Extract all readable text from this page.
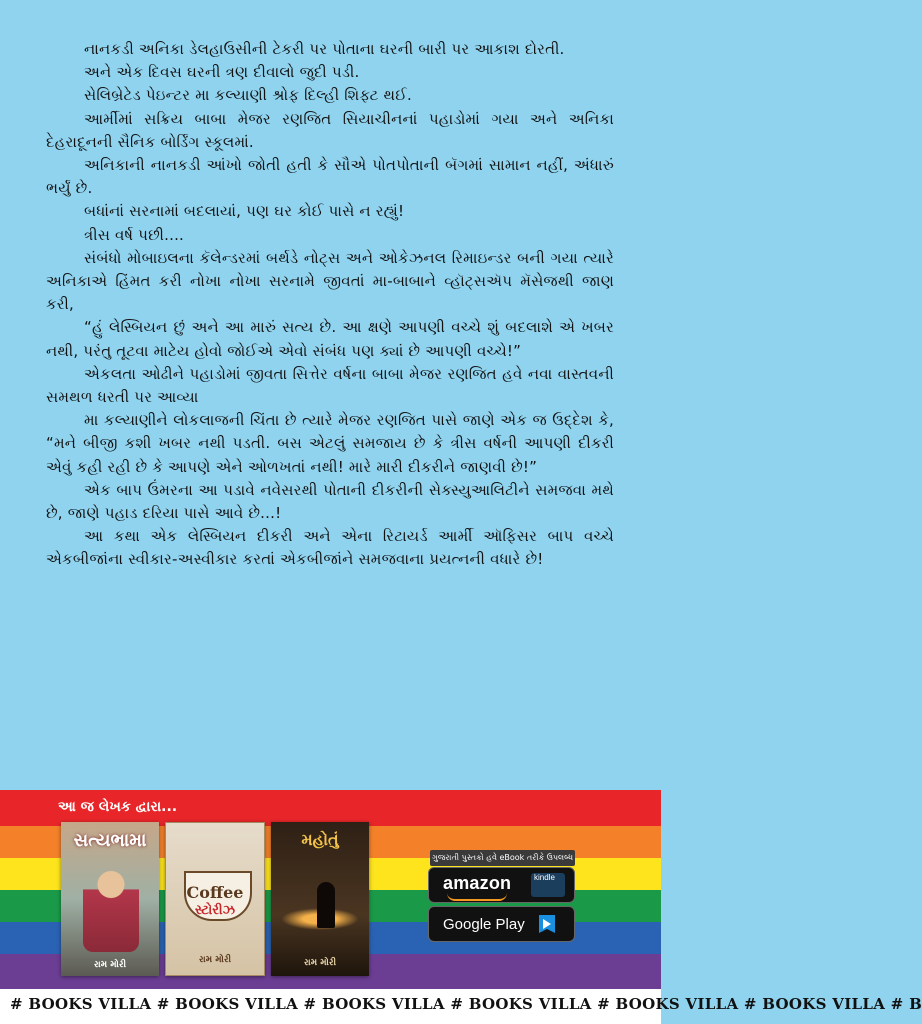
નાનકડી અનિકા ડેલહાઉસીની ટેકરી પર પોતાના ઘરની બારી પર આકાશ દોરતી.

અને એક દિવસ ઘરની ત્રણ દીવાલો જુદી પડી.

સેલિબ્રેટેડ પેઇન્ટર મા કલ્યાણી શ્રોફ દિલ્હી શિફ્ટ થઈ.

આર્મીમાં સક્રિય બાબા મેજર રણજિત સિયાચીનનાં પહાડોમાં ગયા અને અનિકા દેહરાદૂનની સૈનિક બોર્ડિંગ સ્કૂલમાં.

અનિકાની નાનકડી આંખો જોતી હતી કે સૌએ પોતપોતાની બૅગમાં સામાન નહીં, અંધારું ભર્યું છે.

બધાંનાં સરનામાં બદલાયાં, પણ ઘર કોઈ પાસે ન રહ્યું!

ત્રીસ વર્ષ પછી....

સંબંધો મોબાઇલના કૅલેન્ડરમાં બર્થડે નોટ્સ અને ઓકેઝનલ રિમાઇન્ડર બની ગયા ત્યારે અનિકાએ હિંમત કરી નોખા નોખા સરનામે જીવતાં મા-બાબાને વ્હૉટ્સઍપ મૅસેજથી જાણ કરી,

“હું લેસ્બિયન છું અને આ મારું સત્ય છે. આ ક્ષણે આપણી વચ્ચે શું બદલાશે એ ખબર નથી, પરંતુ તૂટવા માટેય હોવો જોઈએ એવો સંબંધ પણ ક્યાં છે આપણી વચ્ચે!”

એકલતા ઓઢીને પહાડોમાં જીવતા સિત્તેર વર્ષના બાબા મેજર રણજિત હવે નવા વાસ્તવની સમથળ ધરતી પર આવ્યા

મા કલ્યાણીને લોકલાજની ચિંતા છે ત્યારે મેજર રણજિત પાસે જાણે એક જ ઉદ્દેશ કે, “મને બીજી કશી ખબર નથી પડતી. બસ એટલું સમજાય છે કે ત્રીસ વર્ષની આપણી દીકરી એવું કહી રહી છે કે આપણે એને ઓળખતાં નથી! મારે મારી દીકરીને જાણવી છે!”

એક બાપ ઉંમરના આ પડાવે નવેસરથી પોતાની દીકરીની સેક્સ્યુઆલિટીને સમજવા મથે છે, જાણે પહાડ દરિયા પાસે આવે છે...!

આ કથા એક લેસ્બિયન દીકરી અને એના રિટાયર્ડ આર્મી ઑફિસર બાપ વચ્ચે એકબીજાંના સ્વીકાર-અસ્વીકાર કરતાં એકબીજાંને સમજવાના પ્રયત્નની વધારે છે!

આ જ લેખક દ્વારા...
સત્યભામા
રામ મોરી
Coffee
સ્ટોરીઝ
રામ મોરી
મહોતું
રામ મોરી
ગુજરાતી પુસ્તકો હવે eBook તરીકે ઉપલબ્ધ
amazon	kindle
Google Play
# BOOKS VILLA # BOOKS VILLA # BOOKS VILLA # BOOKS VILLA # BOOKS VILLA # BOOKS VILLA # B
